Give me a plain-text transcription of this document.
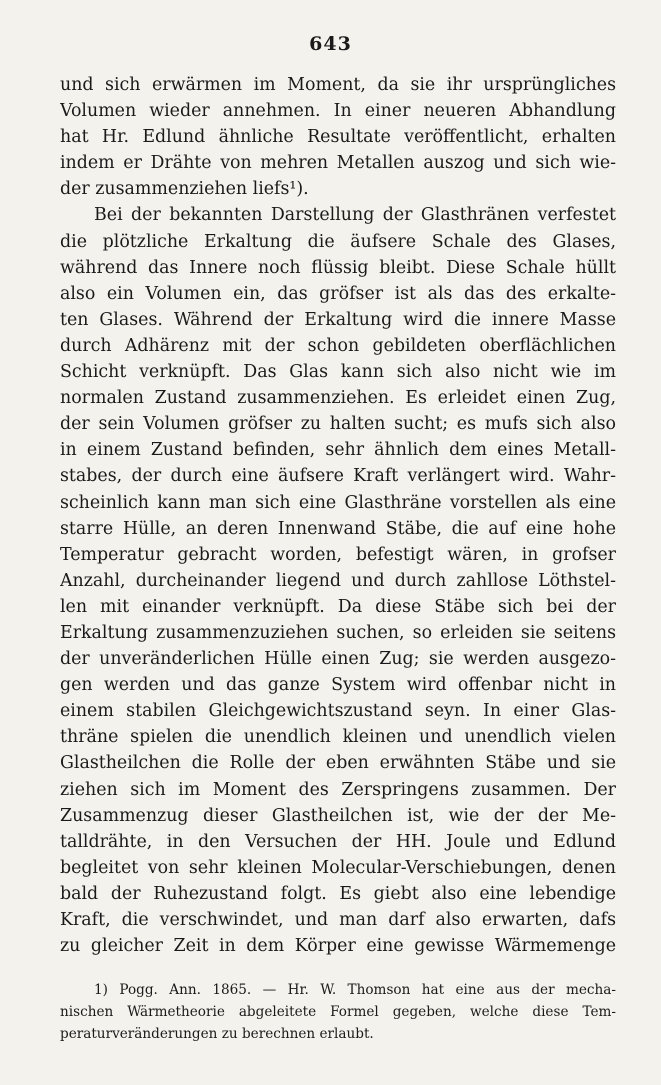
643
und sich erwärmen im Moment, da sie ihr ursprüngliches
Volumen wieder annehmen. In einer neueren Abhandlung
hat Hr. Edlund ähnliche Resultate veröffentlicht, erhalten
indem er Drähte von mehren Metallen auszog und sich wie-
der zusammenziehen liefs¹).
Bei der bekannten Darstellung der Glasthränen verfestet
die plötzliche Erkaltung die äufsere Schale des Glases,
während das Innere noch flüssig bleibt. Diese Schale hüllt
also ein Volumen ein, das gröfser ist als das des erkalte-
ten Glases. Während der Erkaltung wird die innere Masse
durch Adhärenz mit der schon gebildeten oberflächlichen
Schicht verknüpft. Das Glas kann sich also nicht wie im
normalen Zustand zusammenziehen. Es erleidet einen Zug,
der sein Volumen gröfser zu halten sucht; es mufs sich also
in einem Zustand befinden, sehr ähnlich dem eines Metall-
stabes, der durch eine äufsere Kraft verlängert wird. Wahr-
scheinlich kann man sich eine Glasthräne vorstellen als eine
starre Hülle, an deren Innenwand Stäbe, die auf eine hohe
Temperatur gebracht worden, befestigt wären, in grofser
Anzahl, durcheinander liegend und durch zahllose Löthstel-
len mit einander verknüpft. Da diese Stäbe sich bei der
Erkaltung zusammenzuziehen suchen, so erleiden sie seitens
der unveränderlichen Hülle einen Zug; sie werden ausgezo-
gen werden und das ganze System wird offenbar nicht in
einem stabilen Gleichgewichtszustand seyn. In einer Glas-
thräne spielen die unendlich kleinen und unendlich vielen
Glastheilchen die Rolle der eben erwähnten Stäbe und sie
ziehen sich im Moment des Zerspringens zusammen. Der
Zusammenzug dieser Glastheilchen ist, wie der der Me-
talldrähte, in den Versuchen der HH. Joule und Edlund
begleitet von sehr kleinen Molecular-Verschiebungen, denen
bald der Ruhezustand folgt. Es giebt also eine lebendige
Kraft, die verschwindet, und man darf also erwarten, dafs
zu gleicher Zeit in dem Körper eine gewisse Wärmemenge
1) Pogg. Ann. 1865. — Hr. W. Thomson hat eine aus der mecha-
nischen Wärmetheorie abgeleitete Formel gegeben, welche diese Tem-
peraturveränderungen zu berechnen erlaubt.
